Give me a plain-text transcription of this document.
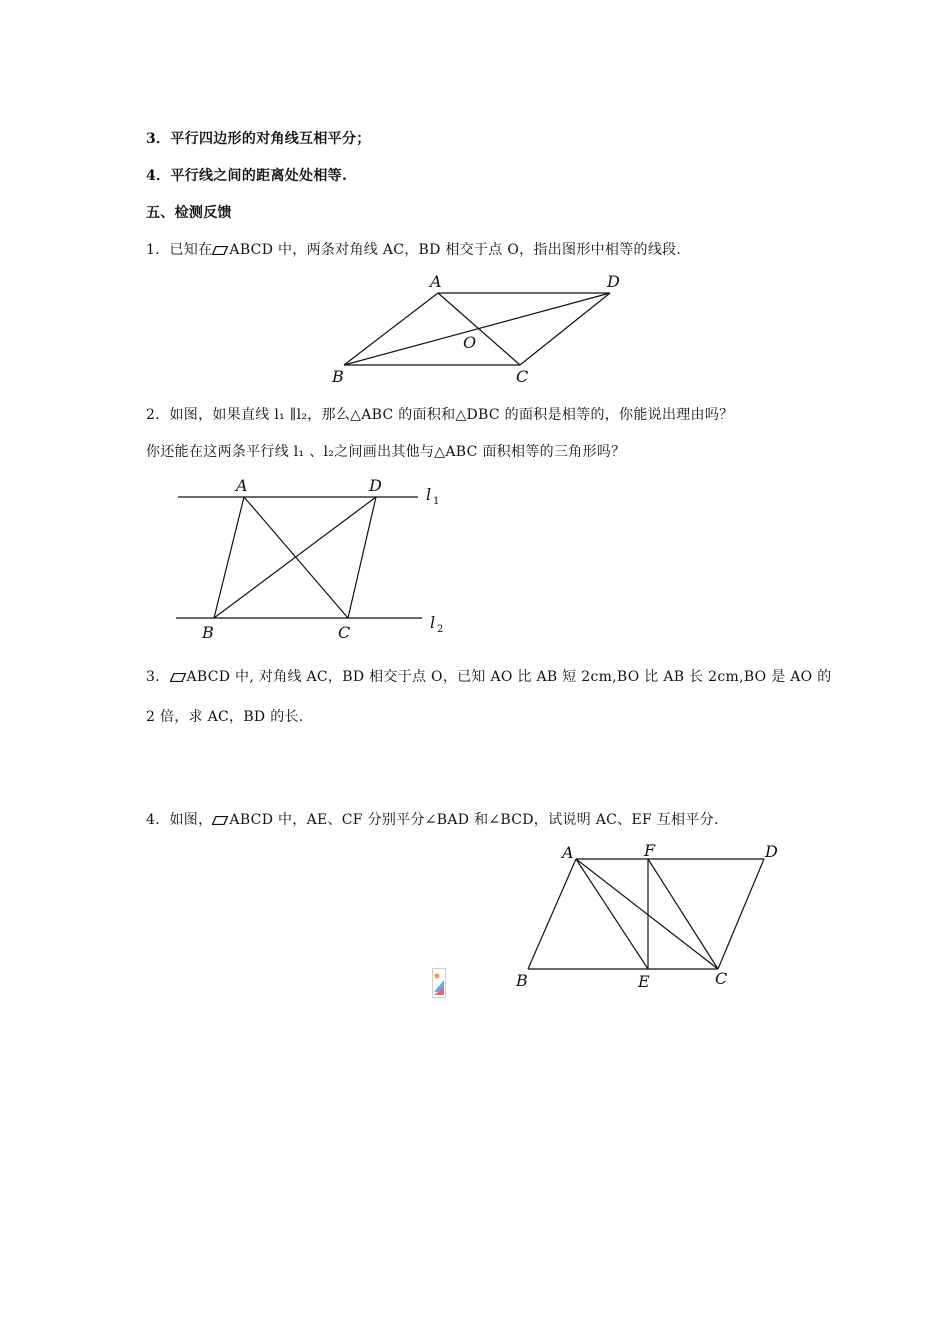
3．平行四边形的对角线互相平分；
4．平行线之间的距离处处相等.
五、检测反馈
1．已知在 ABCD 中，两条对角线 AC，BD 相交于点 O，指出图形中相等的线段.
A	D
O
B	C
2．如图，如果直线 l₁ ∥l₂，那么△ABC 的面积和△DBC 的面积是相等的，你能说出理由吗？
你还能在这两条平行线 l₁ 、l₂之间画出其他与△ABC 面积相等的三角形吗？
A	D
B	C
l 1
l 2
3． ABCD 中, 对角线 AC，BD 相交于点 O，已知 AO 比 AB 短 2cm,BO 比 AB 长 2cm,BO 是 AO 的
2 倍，求 AC，BD 的长.
4．如图， ABCD 中，AE、CF 分别平分∠BAD 和∠BCD，试说明 AC、EF 互相平分.
A	F	D
B	E	C
